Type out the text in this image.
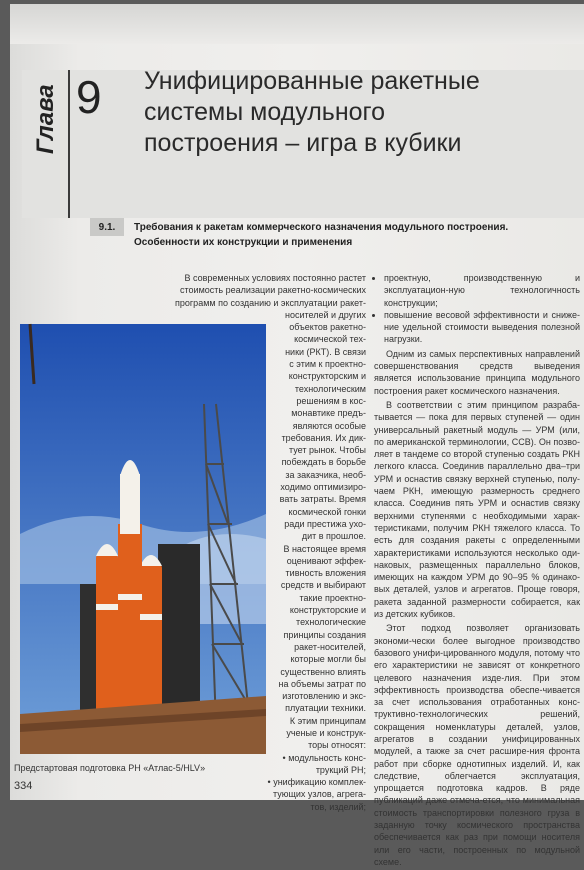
Глава 9 Унифицированные ракетные
системы модульного
построения – игра в кубики
9.1.	Требования к ракетам коммерческого назначения модульного построения.
Особенности их конструкции и применения

В современных условиях постоянно растет

стоимость реализации ракетно-космических

программ по созданию и эксплуатации ракет-

носителей и других

объектов ракетно-

космической тех-

ники (РКТ). В связи

с этим к проектно-

конструкторским и

технологическим

решениям в кос-

монавтике предъ-

являются особые

требования. Их дик-

тует рынок. Чтобы

побеждать в борьбе

за заказчика, необ-

ходимо оптимизиро-

вать затраты. Время

космической гонки

ради престижа ухо-

дит в прошлое.

В настоящее время

оценивают эффек-

тивность вложения

средств и выбирают

такие проектно-

конструкторские и

технологические

принципы создания

ракет-носителей,

которые могли бы

существенно влиять

на объемы затрат по

изготовлению и экс-

плуатации техники.

К этим принципам

ученые и конструк-

торы относят:

• модульность конс-

трукций РН;

• унификацию комплек-

тующих узлов, агрега-

тов, изделий;

• проектную, производственную и эксплуатацион-ную технологичность конструкции;
• повышение весовой эффективности и сниже-ние удельной стоимости выведения полезной нагрузки.

Одним из самых перспективных направлений совершенствования средств выведения является использование принципа модульного построения ракет космического назначения.

В соответствии с этим принципом разраба-тывается — пока для первых ступеней — один универсальный ракетный модуль — УРМ (или, по американской терминологии, ССВ). Он позво-ляет в тандеме со второй ступенью создать РКН легкого класса. Соединив параллельно два–три УРМ и оснастив связку верхней ступенью, полу-чаем РКН, имеющую размерность среднего класса. Соединив пять УРМ и оснастив связку верхними ступенями с необходимыми харак-теристиками, получим РКН тяжелого класса. То есть для создания ракеты с определенными характеристиками используются несколько оди-наковых, размещенных параллельно блоков, имеющих на каждом УРМ до 90–95 % одинако-вых деталей, узлов и агрегатов. Проще говоря, ракета заданной размерности собирается, как из детских кубиков.

Этот подход позволяет организовать экономи-чески более выгодное производство базового унифи-цированного модуля, потому что его характеристики не зависят от конкретного целевого назначения изде-лия. При этом эффективность производства обеспе-чивается за счет использования отработанных конс-труктивно-технологических решений, сокращения номенклатуры деталей, узлов, агрегатов в создании унифицированных модулей, а также за счет расшире-ния фронта работ при сборке однотипных изделий. И, как следствие, облегчается эксплуатация, упрощается подготовка кадров. В ряде публикаций даже отмеча-ется, что минимальная стоимость транспортировки полезного груза в заданную точку космического пространства обеспечивается как раз при помощи носителя или его части, построенных по модульной схеме.

Предстартовая подготовка РН «Атлас-5/HLV»
334
